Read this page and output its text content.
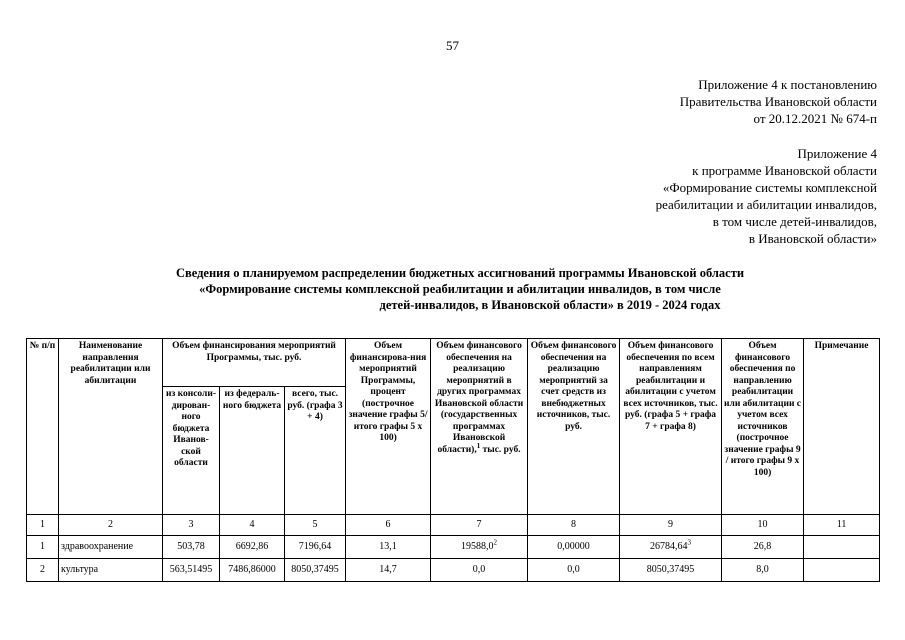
57
Приложение 4 к постановлению
Правительства Ивановской области
от 20.12.2021 № 674-п
Приложение 4
к программе Ивановской области
«Формирование системы комплексной
реабилитации и абилитации инвалидов,
в том числе детей-инвалидов,
в Ивановской области»
Сведения о планируемом распределении бюджетных ассигнований программы Ивановской области
«Формирование системы комплексной реабилитации и абилитации инвалидов, в том числе
детей-инвалидов, в Ивановской области» в 2019 - 2024 годах
№ п/п	Наименование направления реабилитации или абилитации	Объем финансирования мероприятий Программы, тыс. руб.			Объем финансирова-ния мероприятий Программы, процент (построчное значение графы 5/итого графы 5 х 100)	Объем финансового обеспечения на реализацию мероприятий в других программах Ивановской области (государственных программах Ивановской области),$^1$ тыс. руб.	Объем финансового обеспечения на реализацию мероприятий за счет средств из внебюджетных источников, тыс. руб.	Объем финансового обеспечения по всем направлениям реабилитации и абилитации с учетом всех источников, тыс. руб. (графа 5 + графа 7 + графа 8)	Объем финансового обеспечения по направлению реабилитации или абилитации с учетом всех источников (построчное значение графы 9 / итого графы 9 х 100)	Примечание
		из консоли-дирован-ного бюджета Иванов-ской области	из федераль-ного бюджета	всего, тыс. руб. (графа 3 + 4)						
1	2	3	4	5	6	7	8	9	10	11
1	здравоохранение	503,78	6692,86	7196,64	13,1	19588,0$^2$	0,00000	26784,64$^3$	26,8	
2	культура	563,51495	7486,86000	8050,37495	14,7	0,0	0,0	8050,37495	8,0	
